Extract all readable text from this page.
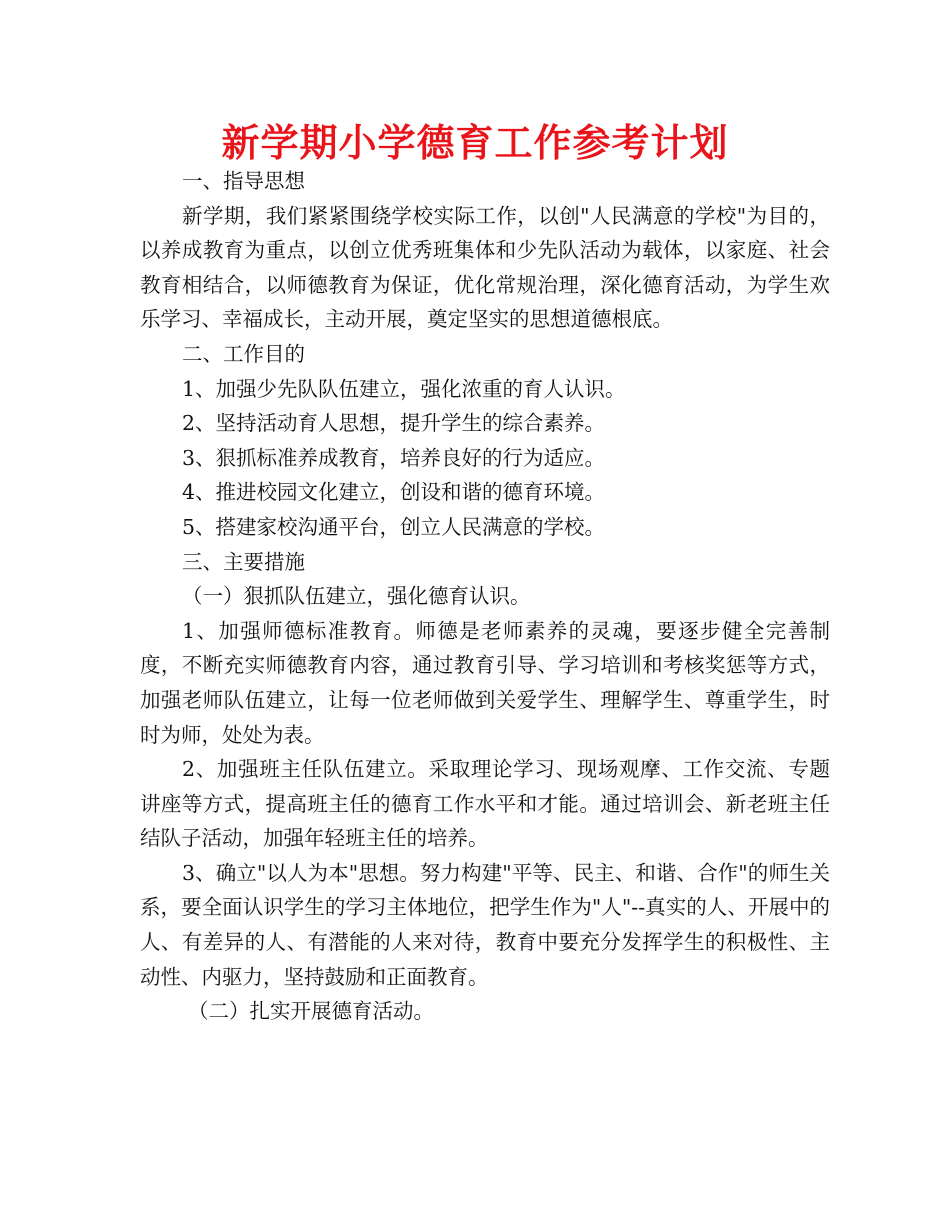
新学期小学德育工作参考计划

一、指导思想

新学期，我们紧紧围绕学校实际工作，以创"人民满意的学校"为目的，以养成教育为重点，以创立优秀班集体和少先队活动为载体，以家庭、社会教育相结合，以师德教育为保证，优化常规治理，深化德育活动，为学生欢乐学习、幸福成长，主动开展，奠定坚实的思想道德根底。

二、工作目的

1、加强少先队队伍建立，强化浓重的育人认识。

2、坚持活动育人思想，提升学生的综合素养。

3、狠抓标准养成教育，培养良好的行为适应。

4、推进校园文化建立，创设和谐的德育环境。

5、搭建家校沟通平台，创立人民满意的学校。

三、主要措施

（一）狠抓队伍建立，强化德育认识。

1、加强师德标准教育。师德是老师素养的灵魂，要逐步健全完善制度，不断充实师德教育内容，通过教育引导、学习培训和考核奖惩等方式，加强老师队伍建立，让每一位老师做到关爱学生、理解学生、尊重学生，时时为师，处处为表。

2、加强班主任队伍建立。采取理论学习、现场观摩、工作交流、专题讲座等方式，提高班主任的德育工作水平和才能。通过培训会、新老班主任结队子活动，加强年轻班主任的培养。

3、确立"以人为本"思想。努力构建"平等、民主、和谐、合作"的师生关系，要全面认识学生的学习主体地位，把学生作为"人"--真实的人、开展中的人、有差异的人、有潜能的人来对待，教育中要充分发挥学生的积极性、主动性、内驱力，坚持鼓励和正面教育。

（二）扎实开展德育活动。
